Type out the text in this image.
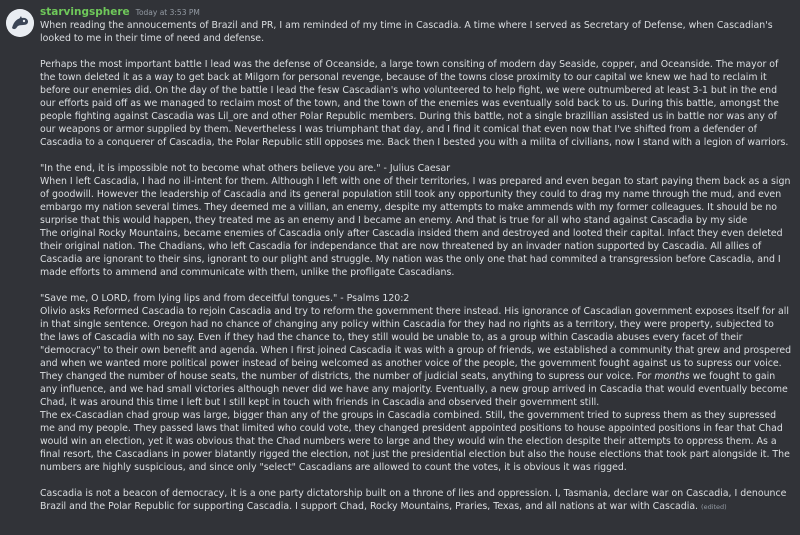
starvingsphere Today at 3:53 PM

When reading the annoucements of Brazil and PR, I am reminded of my time in Cascadia. A time where I served as Secretary of Defense, when Cascadian's looked to me in their time of need and defense.

Perhaps the most important battle I lead was the defense of Oceanside, a large town consiting of modern day Seaside, copper, and Oceanside. The mayor of the town deleted it as a way to get back at Milgorn for personal revenge, because of the towns close proximity to our capital we knew we had to reclaim it before our enemies did. On the day of the battle I lead the fesw Cascadian's who volunteered to help fight, we were outnumbered at least 3-1 but in the end our efforts paid off as we managed to reclaim most of the town, and the town of the enemies was eventually sold back to us. During this battle, amongst the people fighting against Cascadia was Lil_ore and other Polar Republic members. During this battle, not a single brazillian assisted us in battle nor was any of our weapons or armor supplied by them. Nevertheless I was triumphant that day, and I find it comical that even now that I've shifted from a defender of Cascadia to a conquerer of Cascadia, the Polar Republic still opposes me. Back then I bested you with a milita of civilians, now I stand with a legion of warriors.

"In the end, it is impossible not to become what others believe you are." - Julius Caesar

When I left Cascadia, I had no ill-intent for them. Although I left with one of their territories, I was prepared and even began to start paying them back as a sign of goodwill. However the leadership of Cascadia and its general population still took any opportunity they could to drag my name through the mud, and even embargo my nation several times. They deemed me a villian, an enemy, despite my attempts to make ammends with my former colleagues. It should be no surprise that this would happen, they treated me as an enemy and I became an enemy. And that is true for all who stand against Cascadia by my side

The original Rocky Mountains, became enemies of Cascadia only after Cascadia insided them and destroyed and looted their capital. Infact they even deleted their original nation. The Chadians, who left Cascadia for independance that are now threatened by an invader nation supported by Cascadia. All allies of Cascadia are ignorant to their sins, ignorant to our plight and struggle. My nation was the only one that had commited a transgression before Cascadia, and I made efforts to ammend and communicate with them, unlike the profligate Cascadians.

"Save me, O LORD, from lying lips and from deceitful tongues." - Psalms 120:2

Olivio asks Reformed Cascadia to rejoin Cascadia and try to reform the government there instead. His ignorance of Cascadian government exposes itself for all in that single sentence. Oregon had no chance of changing any policy within Cascadia for they had no rights as a territory, they were property, subjected to the laws of Cascadia with no say. Even if they had the chance to, they still would be unable to, as a group within Cascadia abuses every facet of their "democracy" to their own benefit and agenda. When I first joined Cascadia it was with a group of friends, we established a community that grew and prospered and when we wanted more political power instead of being welcomed as another voice of the people, the government fought against us to supress our voice. They changed the number of house seats, the number of districts, the number of judicial seats, anything to supress our voice. For months we fought to gain any influence, and we had small victories although never did we have any majority. Eventually, a new group arrived in Cascadia that would eventually become Chad, it was around this time I left but I still kept in touch with friends in Cascadia and observed their government still.

The ex-Cascadian chad group was large, bigger than any of the groups in Cascadia combined. Still, the government tried to supress them as they supressed me and my people. They passed laws that limited who could vote, they changed president appointed positions to house appointed positions in fear that Chad would win an election, yet it was obvious that the Chad numbers were to large and they would win the election despite their attempts to oppress them. As a final resort, the Cascadians in power blatantly rigged the election, not just the presidential election but also the house elections that took part alongside it. The numbers are highly suspicious, and since only "select" Cascadians are allowed to count the votes, it is obvious it was rigged.

Cascadia is not a beacon of democracy, it is a one party dictatorship built on a throne of lies and oppression. I, Tasmania, declare war on Cascadia, I denounce Brazil and the Polar Republic for supporting Cascadia. I support Chad, Rocky Mountains, Praries, Texas, and all nations at war with Cascadia. (edited)
